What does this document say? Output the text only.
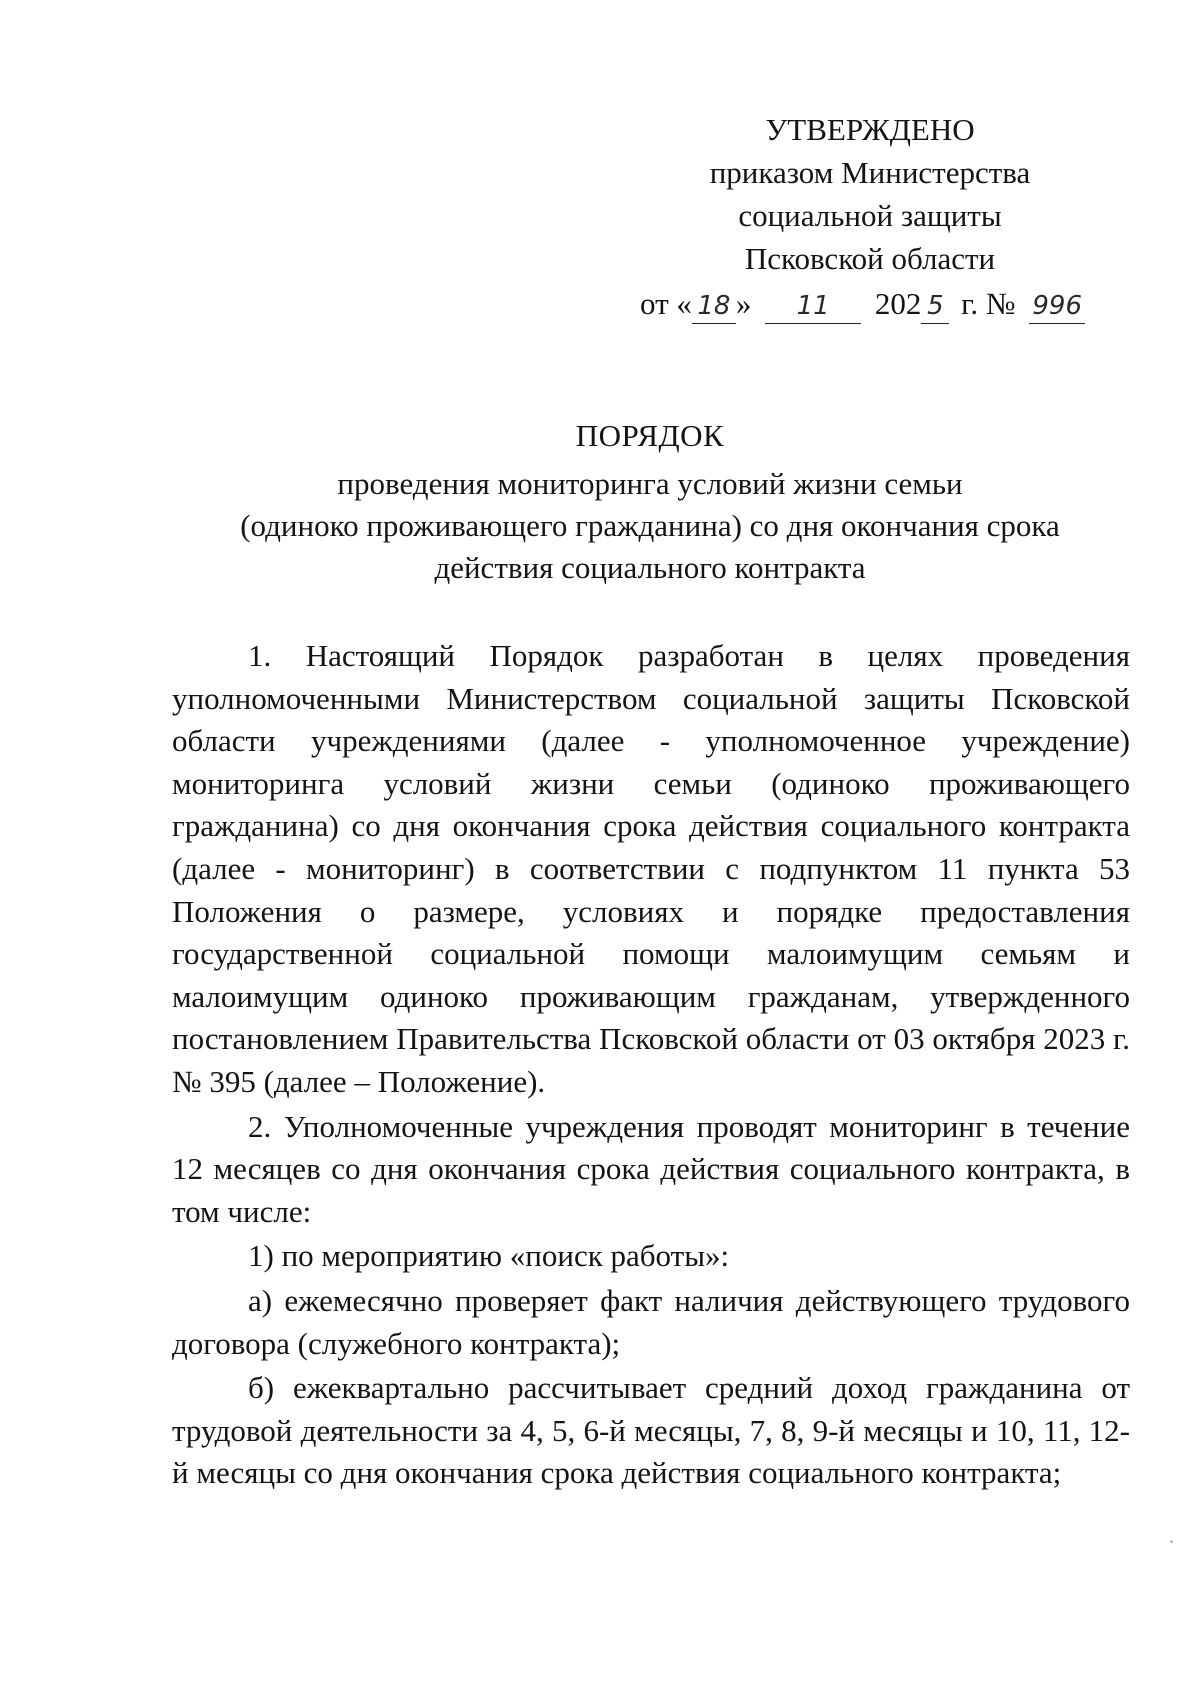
УТВЕРЖДЕНО
приказом Министерства
социальной защиты
Псковской области
от « 18 » 11 202 5 г. № 996
ПОРЯДОК
проведения мониторинга условий жизни семьи
(одиноко проживающего гражданина) со дня окончания срока
действия социального контракта

1. Настоящий Порядок разработан в целях проведения уполномоченными Министерством социальной защиты Псковской области учреждениями (далее - уполномоченное учреждение) мониторинга условий жизни семьи (одиноко проживающего гражданина) со дня окончания срока действия социального контракта (далее - мониторинг) в соответствии с подпунктом 11 пункта 53 Положения о размере, условиях и порядке предоставления государственной социальной помощи малоимущим семьям и малоимущим одиноко проживающим гражданам, утвержденного постановлением Правительства Псковской области от 03 октября 2023 г. № 395 (далее – Положение).

2. Уполномоченные учреждения проводят мониторинг в течение 12 месяцев со дня окончания срока действия социального контракта, в том числе:

1) по мероприятию «поиск работы»:

а) ежемесячно проверяет факт наличия действующего трудового договора (служебного контракта);

б) ежеквартально рассчитывает средний доход гражданина от трудовой деятельности за 4, 5, 6-й месяцы, 7, 8, 9-й месяцы и 10, 11, 12-й месяцы со дня окончания срока действия социального контракта;
